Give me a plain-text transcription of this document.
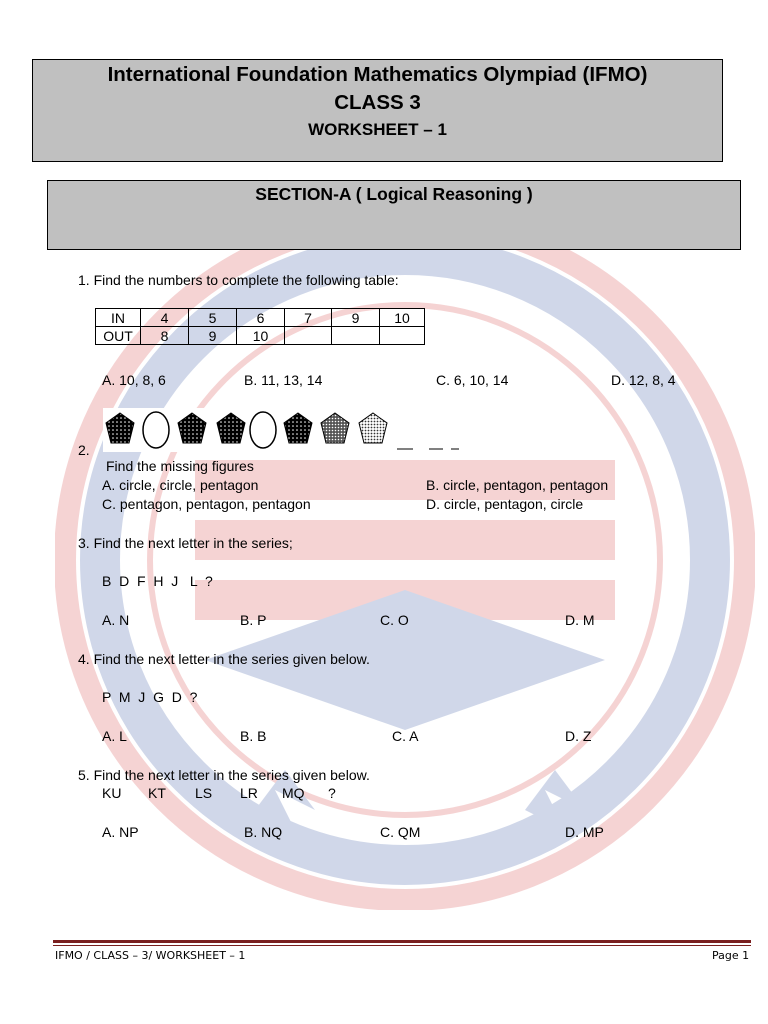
International Foundation Mathematics Olympiad (IFMO)
CLASS 3
WORKSHEET – 1
SECTION-A ( Logical Reasoning )
1. Find the numbers to complete the following table:
IN	4	5	6	7	9	10
OUT	8	9	10			
A. 10, 8, 6	B. 11, 13, 14	C. 6, 10, 14	D. 12, 8, 4
2.
Find the missing figures
A. circle, circle, pentagon	B. circle, pentagon, pentagon
C. pentagon, pentagon, pentagon	D. circle, pentagon, circle
3. Find the next letter in the series;
B  D  F  H  J   L  ?
A. N	B. P	C. O	D. M
4. Find the next letter in the series given below.
P  M  J  G  D  ?
A. L	B. B	C. A	D. Z
5. Find the next letter in the series given below.
KU KT LS LR MQ ?
A. NP	B. NQ	C. QM	D. MP
IFMO / CLASS – 3/ WORKSHEET – 1	Page 1
